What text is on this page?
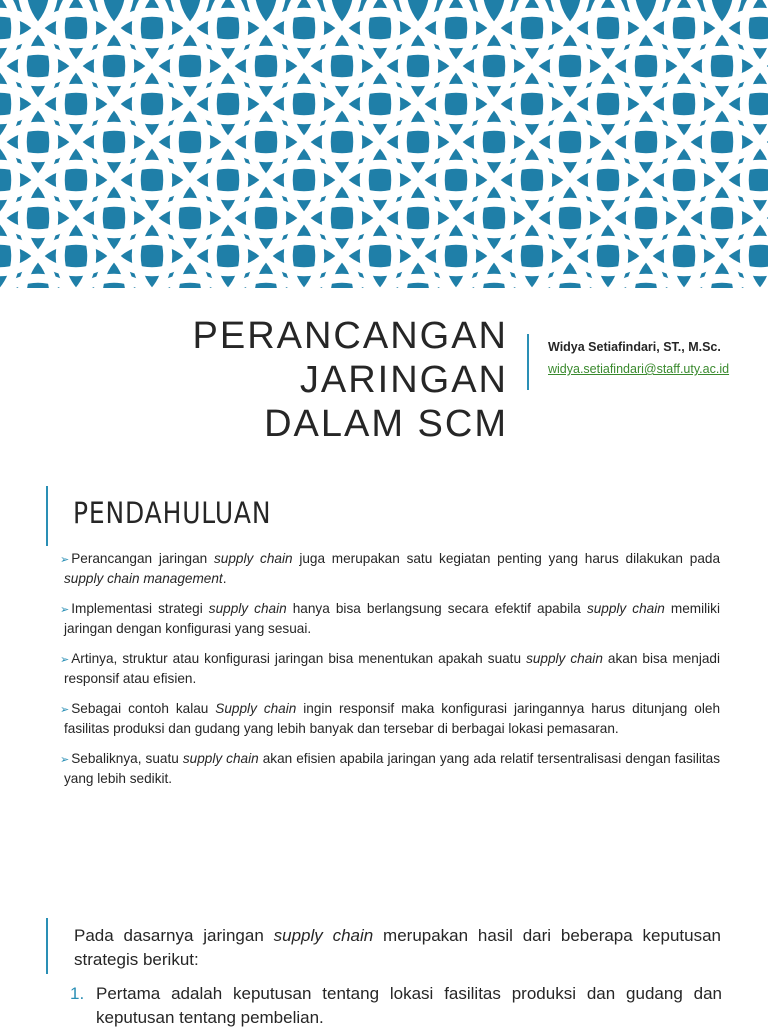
PERANCANGAN JARINGAN
DALAM SCM
Widya Setiafindari, ST., M.Sc.
widya.setiafindari@staff.uty.ac.id
PENDAHULUAN
➢ Perancangan jaringan supply chain juga merupakan satu kegiatan penting yang harus dilakukan pada supply chain management.
➢ Implementasi strategi supply chain hanya bisa berlangsung secara efektif apabila supply chain memiliki jaringan dengan konfigurasi yang sesuai.
➢ Artinya, struktur atau konfigurasi jaringan bisa menentukan apakah suatu supply chain akan bisa menjadi responsif atau efisien.
➢ Sebagai contoh kalau Supply chain ingin responsif maka konfigurasi jaringannya harus ditunjang oleh fasilitas produksi dan gudang yang lebih banyak dan tersebar di berbagai lokasi pemasaran.
➢ Sebaliknya, suatu supply chain akan efisien apabila jaringan yang ada relatif tersentralisasi dengan fasilitas yang lebih sedikit.

Pada dasarnya jaringan supply chain merupakan hasil dari beberapa keputusan strategis berikut:

1. Pertama adalah keputusan tentang lokasi fasilitas produksi dan gudang dan keputusan tentang pembelian.
